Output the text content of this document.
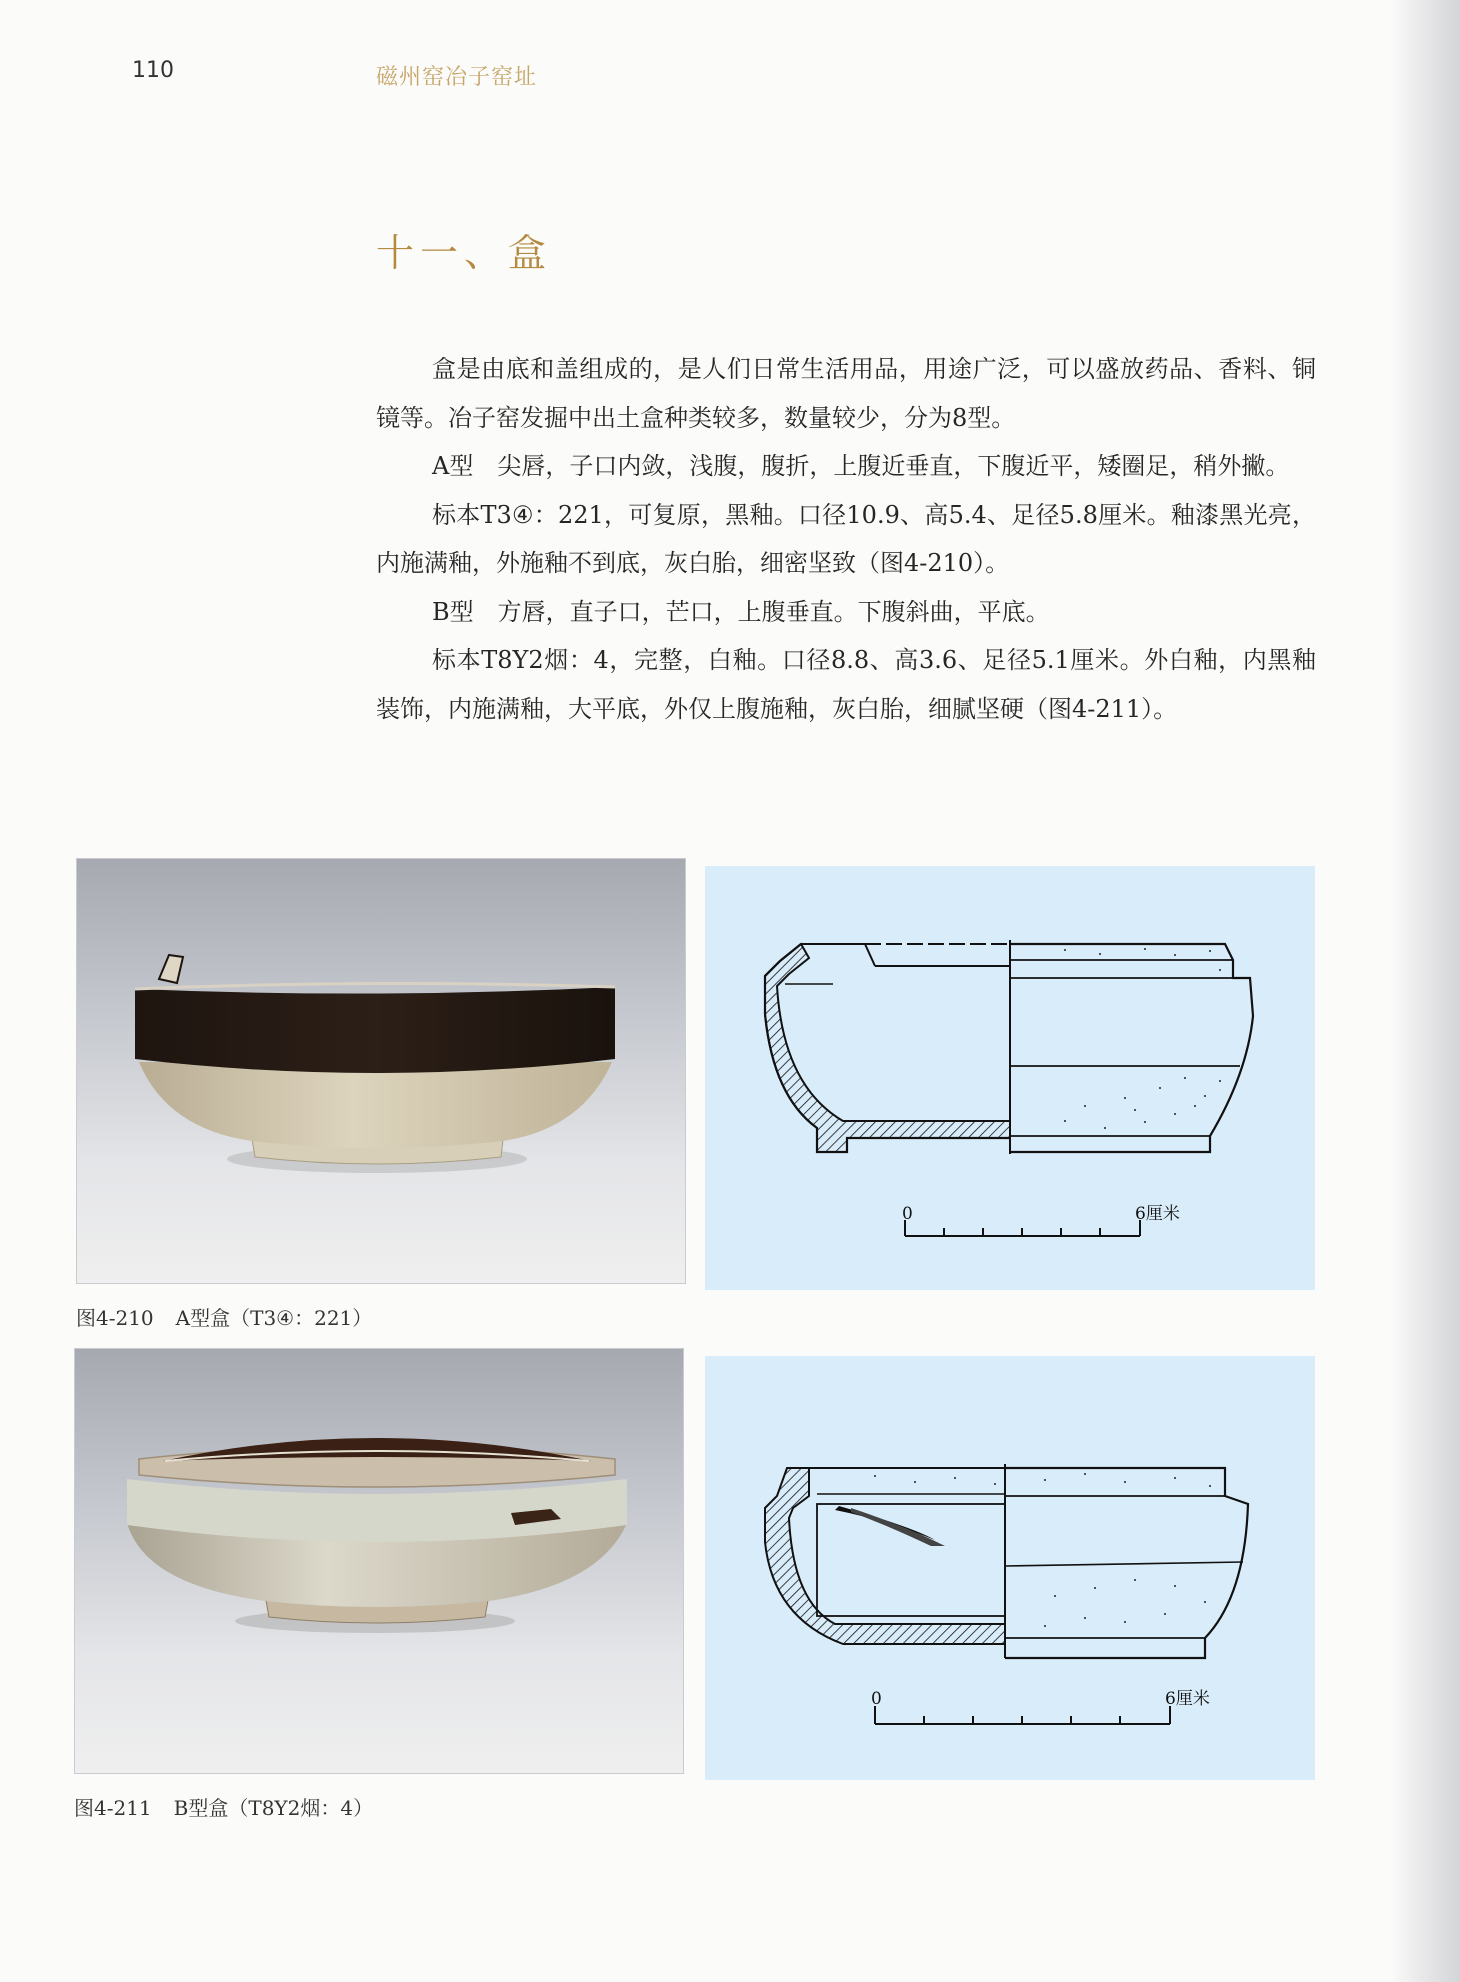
110	磁州窑冶子窑址
十一、盒

盒是由底和盖组成的，是人们日常生活用品，用途广泛，可以盛放药品、香料、铜镜等。冶子窑发掘中出土盒种类较多，数量较少，分为8型。

A型　尖唇，子口内敛，浅腹，腹折，上腹近垂直，下腹近平，矮圈足，稍外撇。

标本T3④：221，可复原，黑釉。口径10.9、高5.4、足径5.8厘米。釉漆黑光亮，内施满釉，外施釉不到底，灰白胎，细密坚致（图4-210）。

B型　方唇，直子口，芒口，上腹垂直。下腹斜曲，平底。

标本T8Y2烟：4，完整，白釉。口径8.8、高3.6、足径5.1厘米。外白釉，内黑釉装饰，内施满釉，大平底，外仅上腹施釉，灰白胎，细腻坚硬（图4-211）。

0	6厘米
图4-210 A型盒（T3④：221）
0	6厘米
图4-211 B型盒（T8Y2烟：4）
